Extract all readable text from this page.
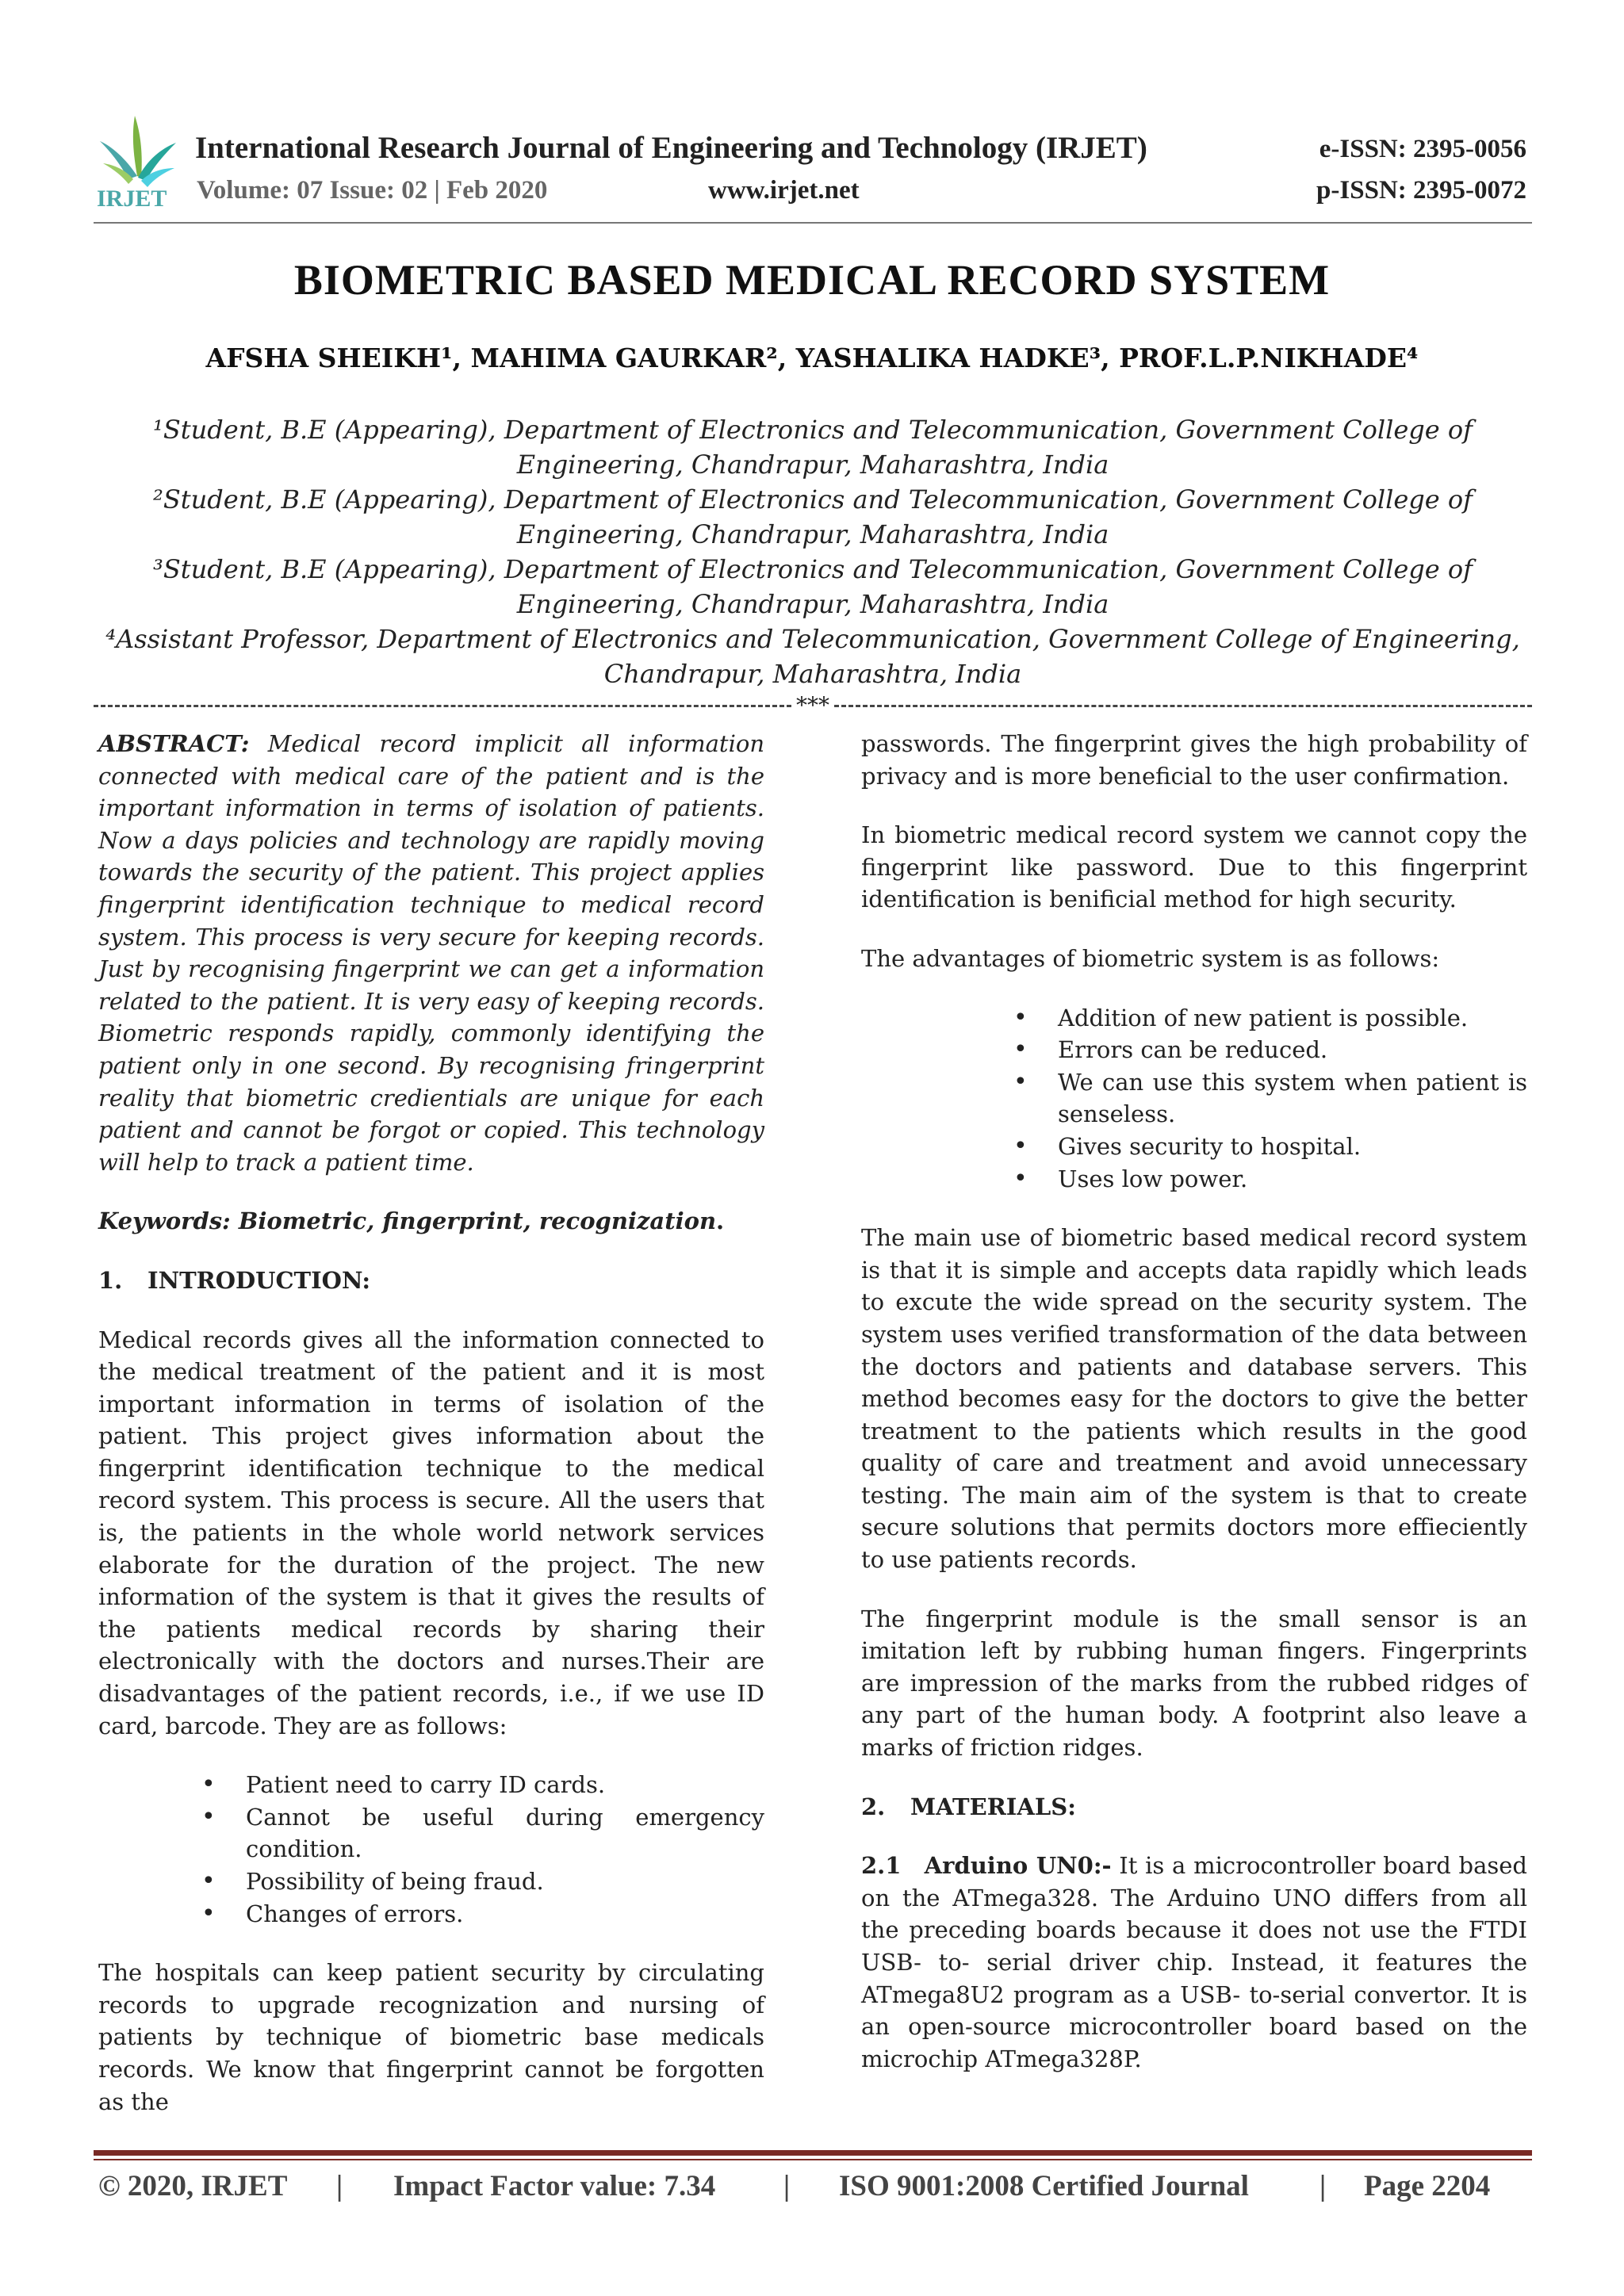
IRJET
International Research Journal of Engineering and Technology (IRJET)	e-ISSN: 2395-0056
Volume: 07 Issue: 02 | Feb 2020	www.irjet.net	p-ISSN: 2395-0072
BIOMETRIC BASED MEDICAL RECORD SYSTEM
AFSHA SHEIKH¹, MAHIMA GAURKAR², YASHALIKA HADKE³, PROF.L.P.NIKHADE⁴
¹Student, B.E (Appearing), Department of Electronics and Telecommunication, Government College of Engineering, Chandrapur, Maharashtra, India
²Student, B.E (Appearing), Department of Electronics and Telecommunication, Government College of Engineering, Chandrapur, Maharashtra, India
³Student, B.E (Appearing), Department of Electronics and Telecommunication, Government College of Engineering, Chandrapur, Maharashtra, India
⁴Assistant Professor, Department of Electronics and Telecommunication, Government College of Engineering, Chandrapur, Maharashtra, India
***

ABSTRACT: Medical record implicit all information connected with medical care of the patient and is the important information in terms of isolation of patients. Now a days policies and technology are rapidly moving towards the security of the patient. This project applies fingerprint identification technique to medical record system. This process is very secure for keeping records. Just by recognising fingerprint we can get a information related to the patient. It is very easy of keeping records. Biometric responds rapidly, commonly identifying the patient only in one second. By recognising fringerprint reality that biometric credientials are unique for each patient and cannot be forgot or copied. This technology will help to track a patient time.

Keywords: Biometric, fingerprint, recognization.

1. INTRODUCTION:

Medical records gives all the information connected to the medical treatment of the patient and it is most important information in terms of isolation of the patient. This project gives information about the fingerprint identification technique to the medical record system. This process is secure. All the users that is, the patients in the whole world network services elaborate for the duration of the project. The new information of the system is that it gives the results of the patients medical records by sharing their electronically with the doctors and nurses.Their are disadvantages of the patient records, i.e., if we use ID card, barcode. They are as follows:

• Patient need to carry ID cards.
• Cannot be useful during emergency condition.
• Possibility of being fraud.
• Changes of errors.

The hospitals can keep patient security by circulating records to upgrade recognization and nursing of patients by technique of biometric base medicals records. We know that fingerprint cannot be forgotten as the

passwords. The fingerprint gives the high probability of privacy and is more beneficial to the user confirmation.

In biometric medical record system we cannot copy the fingerprint like password. Due to this fingerprint identification is benificial method for high security.

The advantages of biometric system is as follows:

• Addition of new patient is possible.
• Errors can be reduced.
• We can use this system when patient is senseless.
• Gives security to hospital.
• Uses low power.

The main use of biometric based medical record system is that it is simple and accepts data rapidly which leads to excute the wide spread on the security system. The system uses verified transformation of the data between the doctors and patients and database servers. This method becomes easy for the doctors to give the better treatment to the patients which results in the good quality of care and treatment and avoid unnecessary testing. The main aim of the system is that to create secure solutions that permits doctors more effieciently to use patients records.

The fingerprint module is the small sensor is an imitation left by rubbing human fingers. Fingerprints are impression of the marks from the rubbed ridges of any part of the human body. A footprint also leave a marks of friction ridges.

2. MATERIALS:

2.1 Arduino UN0:- It is a microcontroller board based on the ATmega328. The Arduino UNO differs from all the preceding boards because it does not use the FTDI USB- to- serial driver chip. Instead, it features the ATmega8U2 program as a USB- to-serial convertor. It is an open-source microcontroller board based on the microchip ATmega328P.

© 2020, IRJET | Impact Factor value: 7.34 | ISO 9001:2008 Certified Journal | Page 2204
